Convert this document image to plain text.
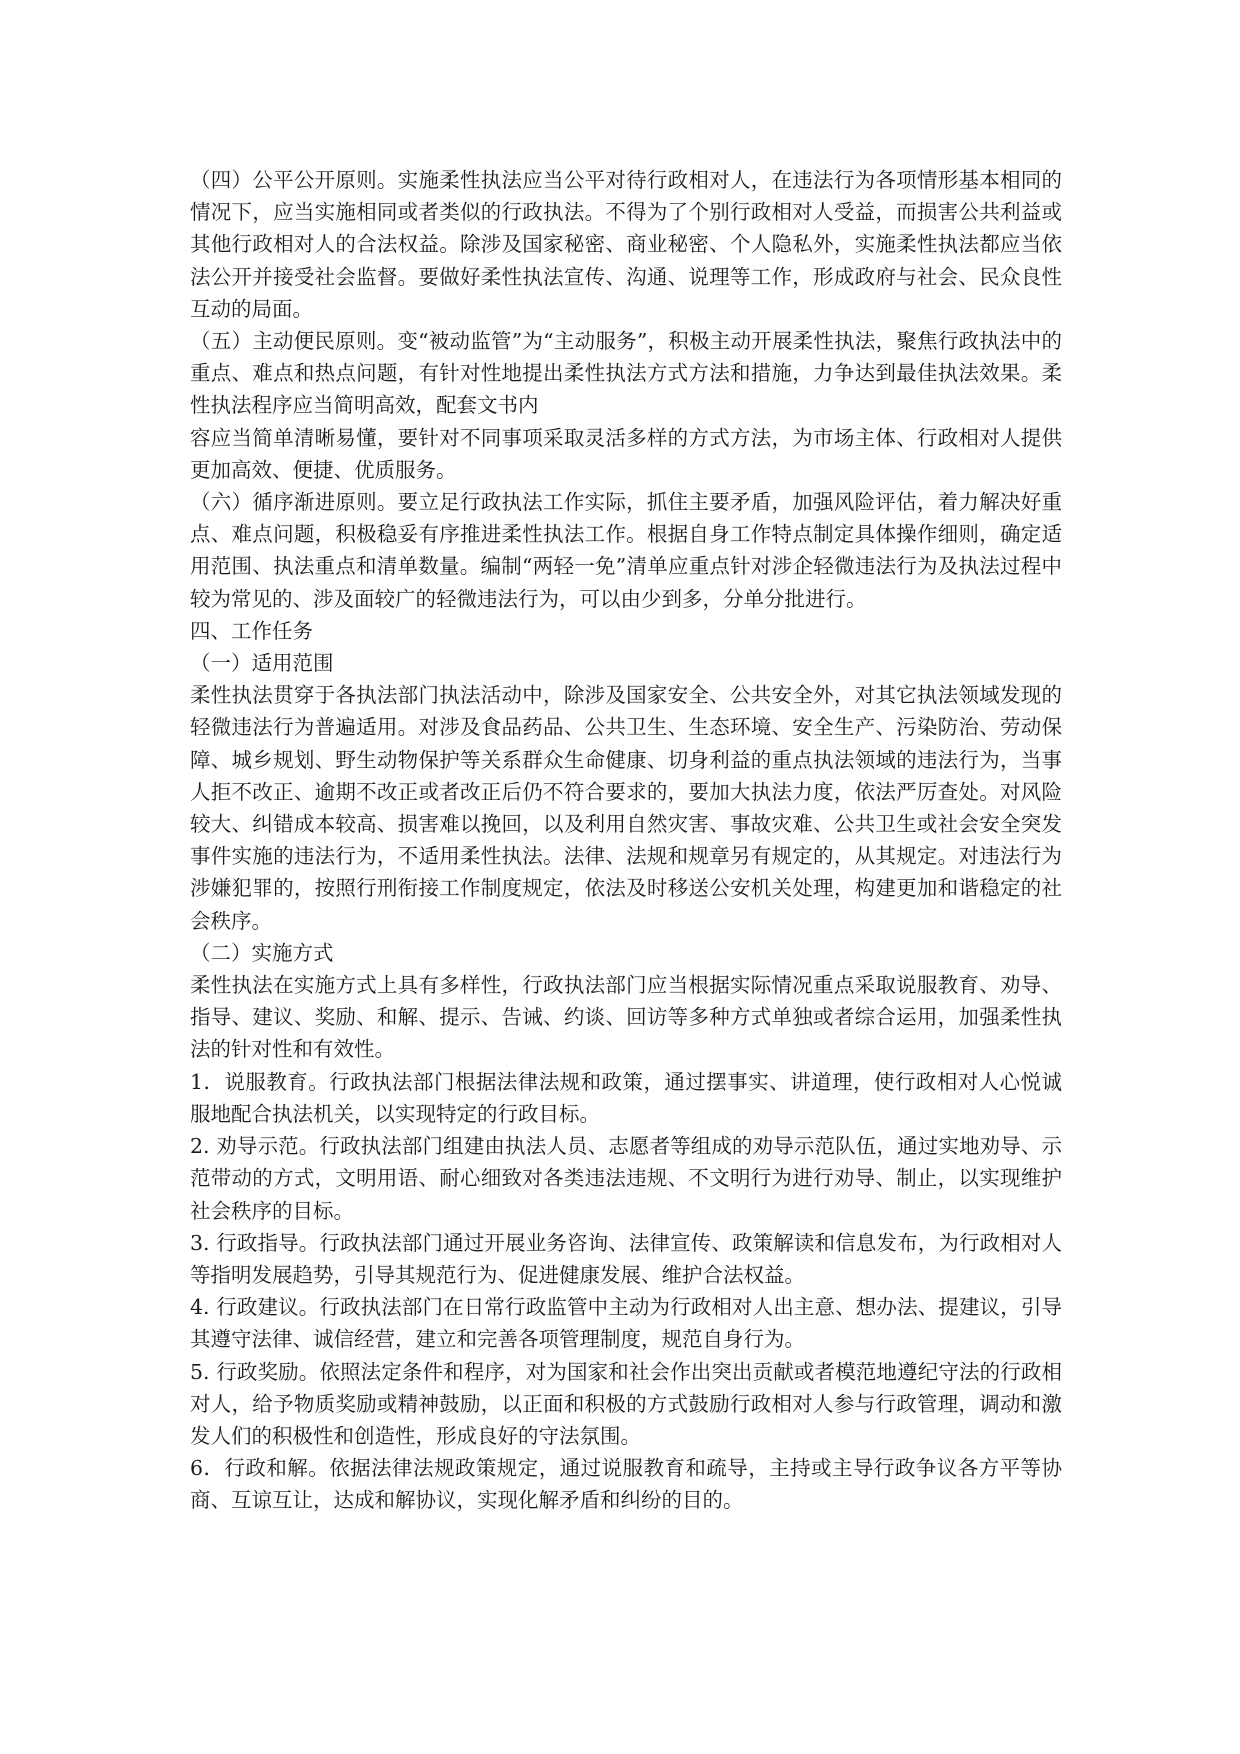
（四）公平公开原则。实施柔性执法应当公平对待行政相对人，在违法行为各项情形基本相同的情况下，应当实施相同或者类似的行政执法。不得为了个别行政相对人受益，而损害公共利益或其他行政相对人的合法权益。除涉及国家秘密、商业秘密、个人隐私外，实施柔性执法都应当依法公开并接受社会监督。要做好柔性执法宣传、沟通、说理等工作，形成政府与社会、民众良性互动的局面。

（五）主动便民原则。变“被动监管”为“主动服务”，积极主动开展柔性执法，聚焦行政执法中的重点、难点和热点问题，有针对性地提出柔性执法方式方法和措施，力争达到最佳执法效果。柔性执法程序应当简明高效，配套文书内

容应当简单清晰易懂，要针对不同事项采取灵活多样的方式方法，为市场主体、行政相对人提供更加高效、便捷、优质服务。

（六）循序渐进原则。要立足行政执法工作实际，抓住主要矛盾，加强风险评估，着力解决好重点、难点问题，积极稳妥有序推进柔性执法工作。根据自身工作特点制定具体操作细则，确定适用范围、执法重点和清单数量。编制“两轻一免”清单应重点针对涉企轻微违法行为及执法过程中较为常见的、涉及面较广的轻微违法行为，可以由少到多，分单分批进行。

四、工作任务

（一）适用范围

柔性执法贯穿于各执法部门执法活动中，除涉及国家安全、公共安全外，对其它执法领域发现的轻微违法行为普遍适用。对涉及食品药品、公共卫生、生态环境、安全生产、污染防治、劳动保障、城乡规划、野生动物保护等关系群众生命健康、切身利益的重点执法领域的违法行为，当事人拒不改正、逾期不改正或者改正后仍不符合要求的，要加大执法力度，依法严厉查处。对风险较大、纠错成本较高、损害难以挽回，以及利用自然灾害、事故灾难、公共卫生或社会安全突发事件实施的违法行为，不适用柔性执法。法律、法规和规章另有规定的，从其规定。对违法行为涉嫌犯罪的，按照行刑衔接工作制度规定，依法及时移送公安机关处理，构建更加和谐稳定的社会秩序。

（二）实施方式

柔性执法在实施方式上具有多样性，行政执法部门应当根据实际情况重点采取说服教育、劝导、指导、建议、奖励、和解、提示、告诫、约谈、回访等多种方式单独或者综合运用，加强柔性执法的针对性和有效性。

1．说服教育。行政执法部门根据法律法规和政策，通过摆事实、讲道理，使行政相对人心悦诚服地配合执法机关，以实现特定的行政目标。

2. 劝导示范。行政执法部门组建由执法人员、志愿者等组成的劝导示范队伍，通过实地劝导、示范带动的方式，文明用语、耐心细致对各类违法违规、不文明行为进行劝导、制止，以实现维护社会秩序的目标。

3. 行政指导。行政执法部门通过开展业务咨询、法律宣传、政策解读和信息发布，为行政相对人等指明发展趋势，引导其规范行为、促进健康发展、维护合法权益。

4. 行政建议。行政执法部门在日常行政监管中主动为行政相对人出主意、想办法、提建议，引导其遵守法律、诚信经营，建立和完善各项管理制度，规范自身行为。

5. 行政奖励。依照法定条件和程序，对为国家和社会作出突出贡献或者模范地遵纪守法的行政相对人，给予物质奖励或精神鼓励，以正面和积极的方式鼓励行政相对人参与行政管理，调动和激发人们的积极性和创造性，形成良好的守法氛围。

6．行政和解。依据法律法规政策规定，通过说服教育和疏导，主持或主导行政争议各方平等协商、互谅互让，达成和解协议，实现化解矛盾和纠纷的目的。
